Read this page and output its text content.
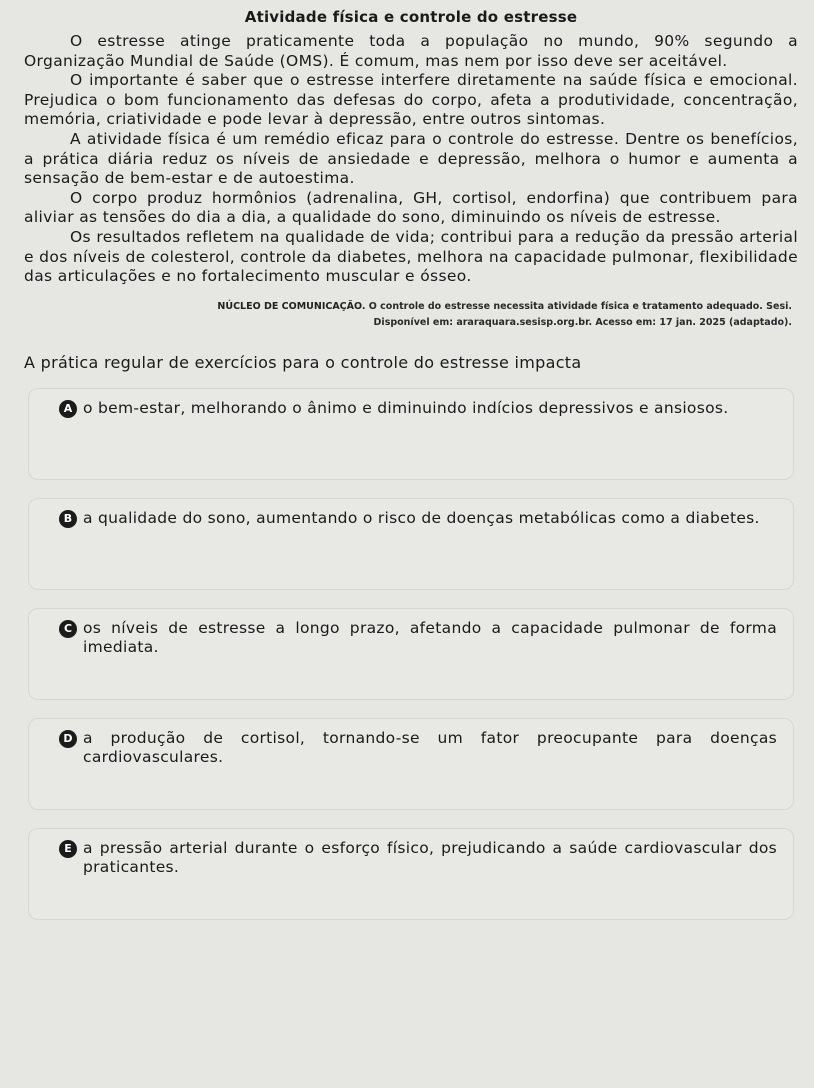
Atividade física e controle do estresse

O estresse atinge praticamente toda a população no mundo, 90% segundo a Organização Mundial de Saúde (OMS). É comum, mas nem por isso deve ser aceitável.

O importante é saber que o estresse interfere diretamente na saúde física e emocional. Prejudica o bom funcionamento das defesas do corpo, afeta a produtividade, concentração, memória, criatividade e pode levar à depressão, entre outros sintomas.

A atividade física é um remédio eficaz para o controle do estresse. Dentre os benefícios, a prática diária reduz os níveis de ansiedade e depressão, melhora o humor e aumenta a sensação de bem-estar e de autoestima.

O corpo produz hormônios (adrenalina, GH, cortisol, endorfina) que contribuem para aliviar as tensões do dia a dia, a qualidade do sono, diminuindo os níveis de estresse.

Os resultados refletem na qualidade de vida; contribui para a redução da pressão arterial e dos níveis de colesterol, controle da diabetes, melhora na capacidade pulmonar, flexibilidade das articulações e no fortalecimento muscular e ósseo.

NÚCLEO DE COMUNICAÇÃO. O controle do estresse necessita atividade física e tratamento adequado. Sesi.
Disponível em: araraquara.sesisp.org.br. Acesso em: 17 jan. 2025 (adaptado).
A prática regular de exercícios para o controle do estresse impacta
A o bem-estar, melhorando o ânimo e diminuindo indícios depressivos e ansiosos.
B a qualidade do sono, aumentando o risco de doenças metabólicas como a diabetes.
C os níveis de estresse a longo prazo, afetando a capacidade pulmonar de forma imediata.
D a produção de cortisol, tornando-se um fator preocupante para doenças cardiovasculares.
E a pressão arterial durante o esforço físico, prejudicando a saúde cardiovascular dos praticantes.
